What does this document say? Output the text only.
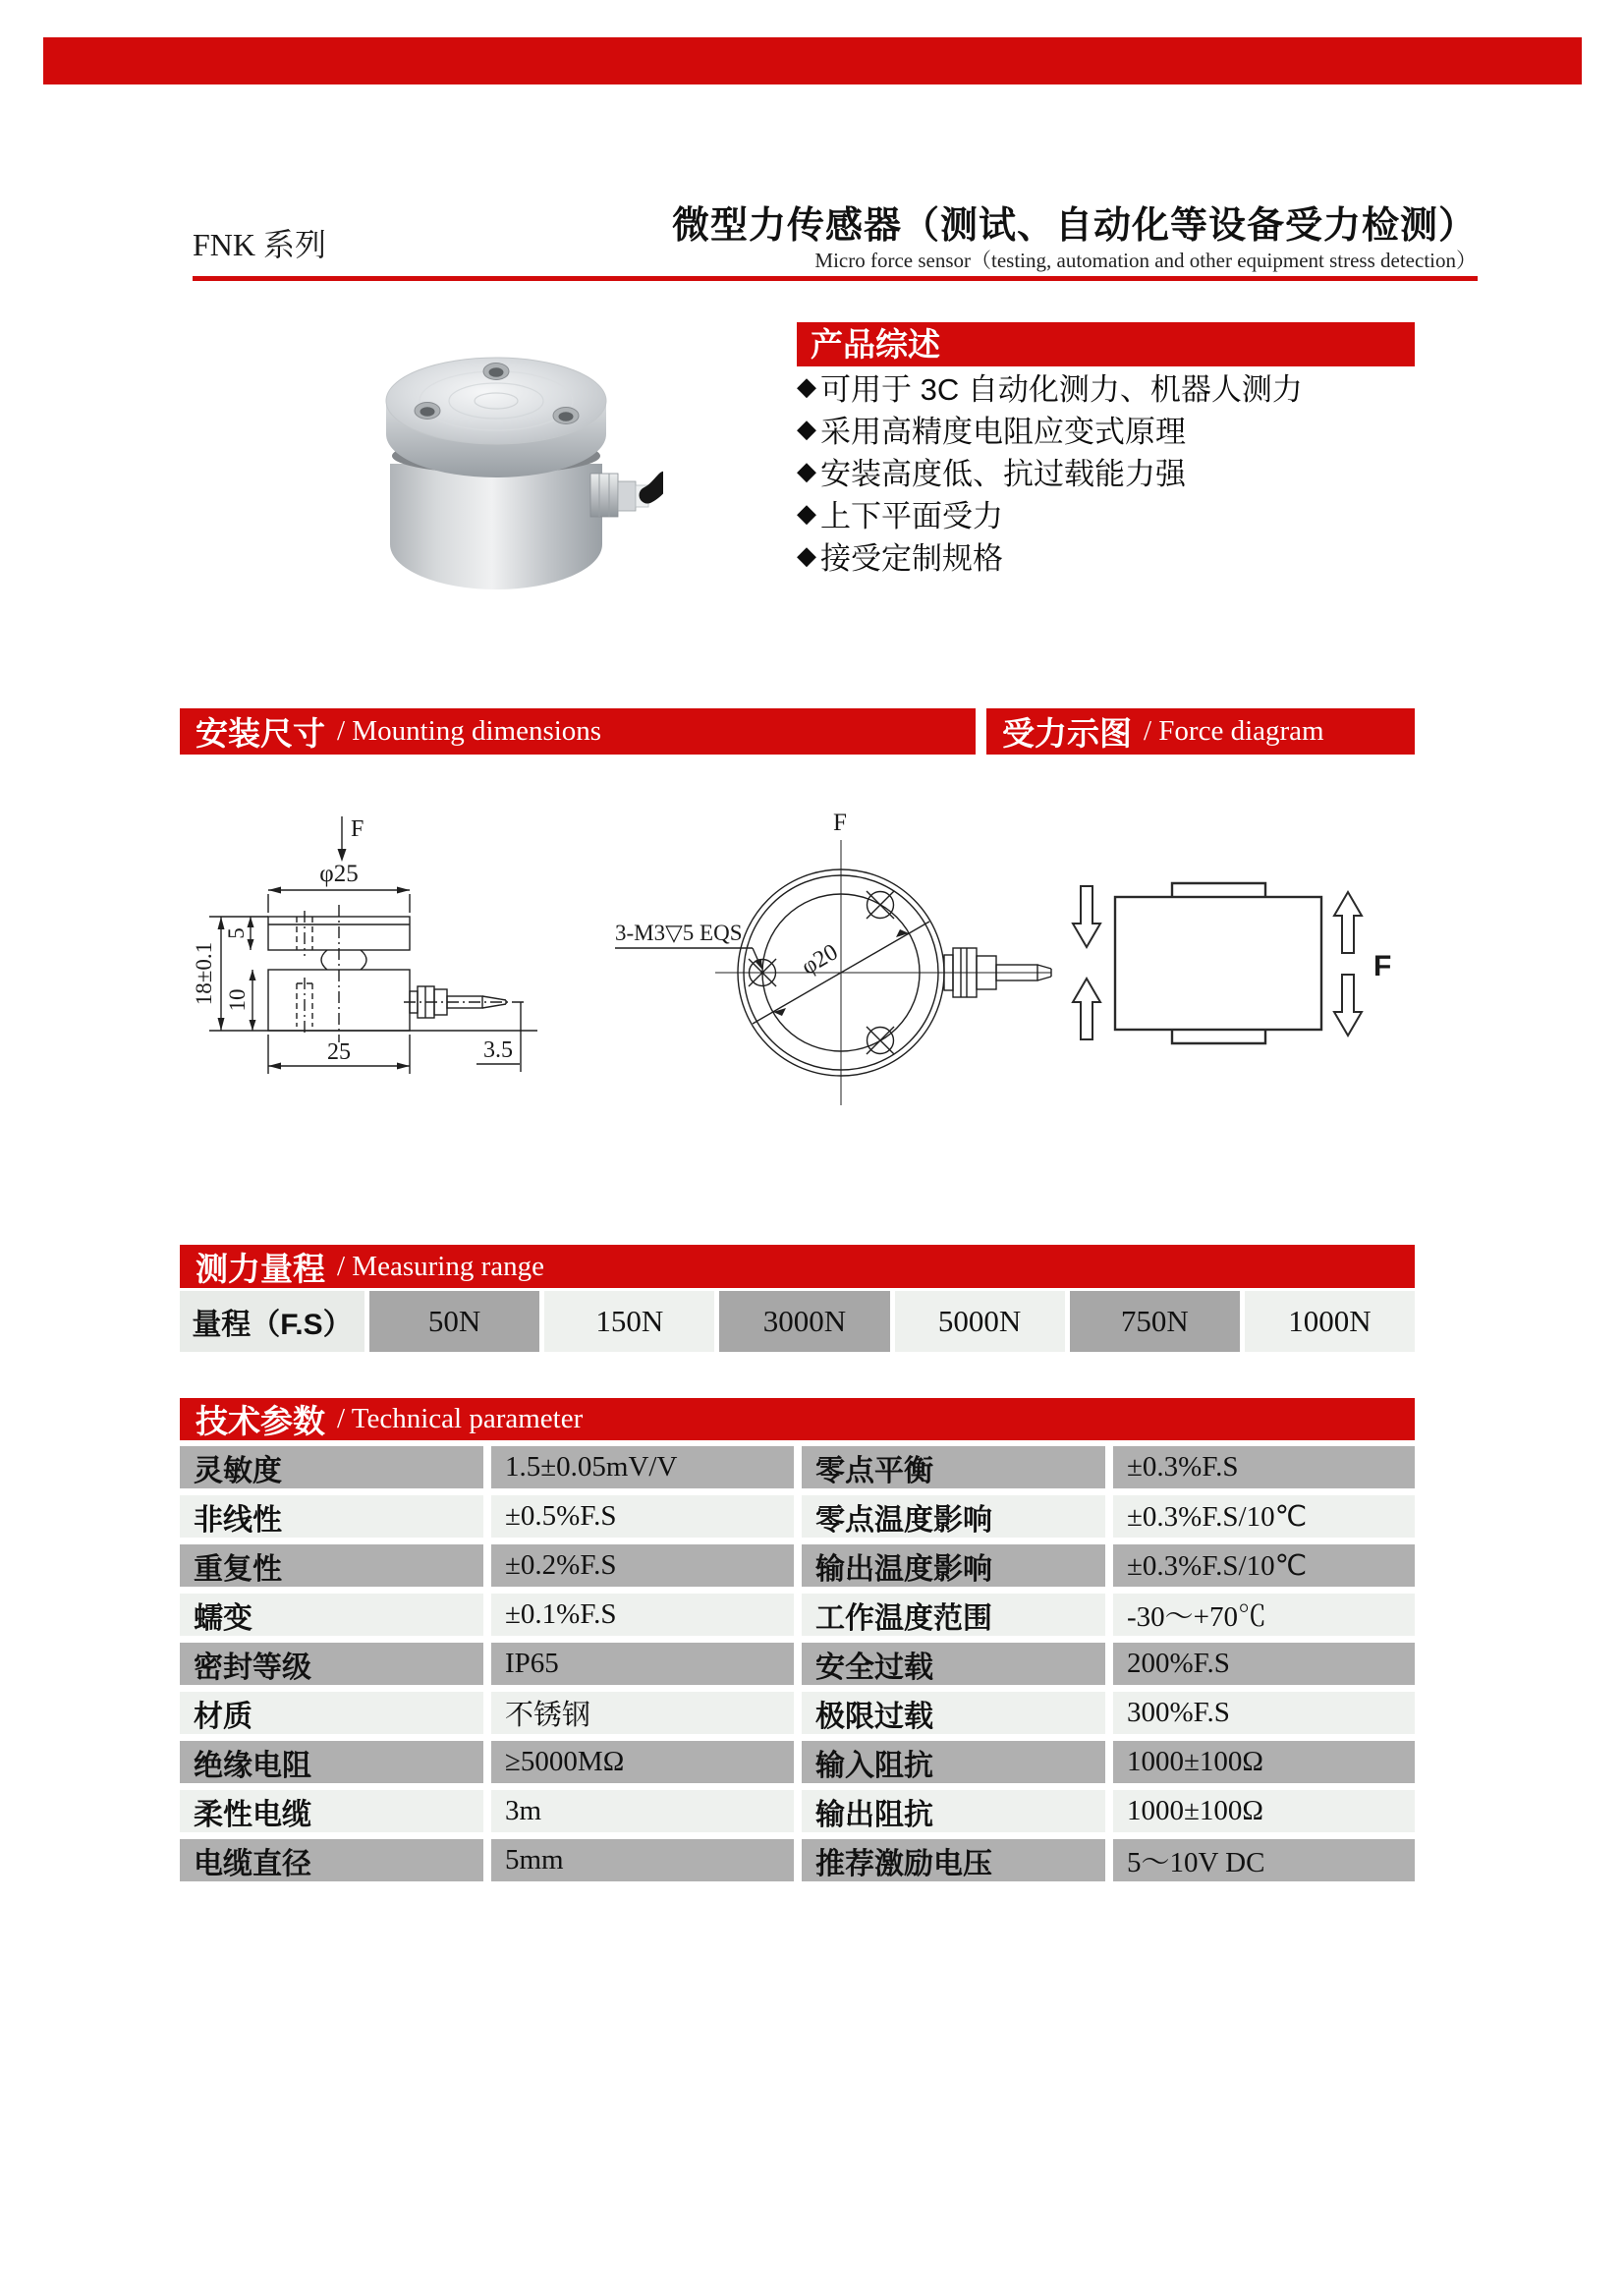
FNK 系列	微型力传感器（测试、自动化等设备受力检测）
Micro force sensor（testing, automation and other equipment stress detection）
产品综述
◆ 可用于 3C 自动化测力、机器人测力
◆ 采用高精度电阻应变式原理
◆ 安装高度低、抗过载能力强
◆ 上下平面受力
◆ 接受定制规格
安装尺寸 / Mounting dimensions	受力示图 / Force diagram
F
φ25
18±0.1
5
10
25	3.5
F
3-M3▽5 EQS
φ20	F
测力量程 / Measuring range
量程（F.S）	50N	150N	3000N	5000N	750N	1000N
技术参数 / Technical parameter
灵敏度	1.5±0.05mV/V	零点平衡	±0.3%F.S
非线性	±0.5%F.S	零点温度影响	±0.3%F.S/10℃
重复性	±0.2%F.S	输出温度影响	±0.3%F.S/10℃
蠕变	±0.1%F.S	工作温度范围	-30～+70℃
密封等级	IP65	安全过载	200%F.S
材质	不锈钢	极限过载	300%F.S
绝缘电阻	≥5000MΩ	输入阻抗	1000±100Ω
柔性电缆	3m	输出阻抗	1000±100Ω
电缆直径	5mm	推荐激励电压	5～10V DC
